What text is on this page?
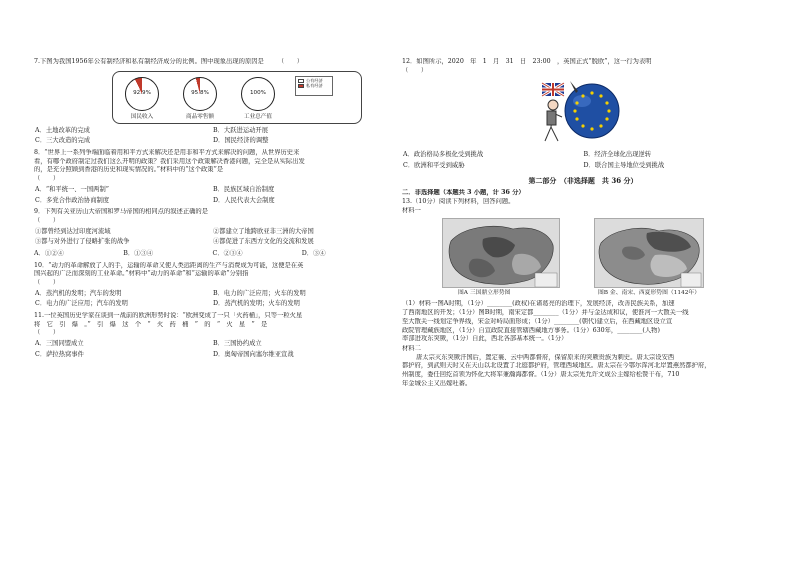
7.下图为我国1956年公有制经济和私有制经济成分的比例。图中现象出现的原因是 （　　）
92.9%
国民收入
95.8%
商品零售额
100%
工业总产值
公有经济
私有经济
A．土地改革的完成	B．大跃进运动开展
C．三大改造的完成	D．国民经济的调整
8．“世界上一系列争端面临着用和平方式来解决还是用非和平方式来解决的问题，从世界历史来
看，有哪个政府制定过我们这么开明的政策？我们采用这个政策解决香港问题，完全是从实际出发
的，是充分照顾到香港的历史和现实情况的。”材料中的“这个政策”是
（　　）
A．“和平统一、一国两制”	B．民族区域自治制度
C．多党合作政治协商制度	D．人民代表大会制度
9．下列有关亚历山大帝国和罗马帝国的相同点的叙述正确的是
（　　）
①都曾经到达过印度河流域	②都建立了地跨欧亚非三洲的大帝国
③都与对外进行了侵略扩张的战争	④都促进了东西方文化的交流和发展
A．①②④	B．①③④	C．②③④	D．③④
10．“动力的革命解放了人的手，运输的革命又使人类远距离的生产与消费成为可能，这便是在英
国兴起的广泛而深刻的工业革命。”材料中“动力的革命”和“运输的革命”分别指
（　　）
A．蒸汽机的发明；汽车的发明	B．电力的广泛应用；火车的发明
C．电力的广泛应用；汽车的发明	D．蒸汽机的发明；火车的发明
11.一位英国历史学家在谈到一战前的欧洲形势时说：“欧洲变成了一只「火药桶」，只等一粒火星
将　它　引　爆　。”　引　爆　这　个　“　火　药　桶　”　的　“　火　星　”　是
（　　）
A．三国同盟成立	B．三国协约成立
C．萨拉热窝事件	D．奥匈帝国向塞尔维亚宣战
12．如图所示，2020　年　1　月　31　日　23:00　，英国正式“脱欧”，这一行为表明
（　　）
A．政治格局多极化受到挑战	B．经济全球化出现逆转
C．欧洲和平受到威胁	D．联合国主导地位受到挑战
第二部分　（非选择题　共 36 分）
二．非选择题（本题共 3 小题，计 36 分）
13.（10分）阅读下列材料，回答问题。
材料一
图A 三国鼎立形势图	图B 金、南宋、西夏形势图（1142年）
（1）材料一图A时期，（1分）________(政权)在诸葛亮的治理下，发展经济，改善民族关系，加速
了西南地区的开发；（1分）图B时期，南宋定都________（1分）并与金达成和议，使淮河一大散关一线
至大散关一线划定争界线，宋金对峙局面形成；（1分）________(朝代)建立后，在西藏地区设立宣
政院管理藏族地区，（1分）自宣政院直接管辖西藏地方事务。（1分）630年，________(人物)
率部进攻东突厥，（1分）自此，西北各部基本统一。（1分）
材料二
唐太宗灭东突厥汗国后，置定襄、云中两都督府，保留原来的突厥贵族为刺史。唐太宗设安西
都护府，到武则天时又在天山以北设置了北庭都护府，管理西域地区。唐太宗在今鄂尔浑河北岸置燕然都护府，
州制度，委任回纥首领为怀化大将军兼瀚海都督。（1分）唐太宗先允许文成公主嫁给松赞干布，710
年金城公主又出嫁吐蕃。
